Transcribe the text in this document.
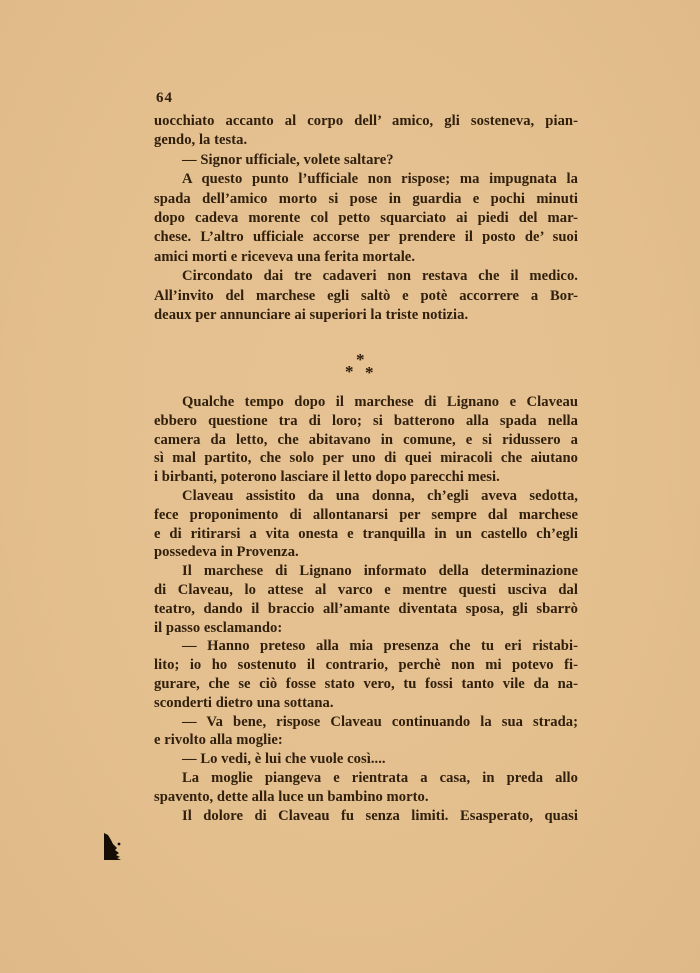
64
uocchiato accanto al corpo dell’ amico, gli sosteneva, pian-
gendo, la testa.
— Signor ufficiale, volete saltare?
A questo punto l’ufficiale non rispose; ma impugnata la
spada dell’amico morto si pose in guardia e pochi minuti
dopo cadeva morente col petto squarciato ai piedi del mar-
chese. L’altro ufficiale accorse per prendere il posto de’ suoi
amici morti e riceveva una ferita mortale.
Circondato dai tre cadaveri non restava che il medico.
All’invito del marchese egli saltò e potè accorrere a Bor-
deaux per annunciare ai superiori la triste notizia.
*
* *
Qualche tempo dopo il marchese di Lignano e Claveau
ebbero questione tra di loro; si batterono alla spada nella
camera da letto, che abitavano in comune, e si ridussero a
sì mal partito, che solo per uno di quei miracoli che aiutano
i birbanti, poterono lasciare il letto dopo parecchi mesi.
Claveau assistito da una donna, ch’egli aveva sedotta,
fece proponimento di allontanarsi per sempre dal marchese
e di ritirarsi a vita onesta e tranquilla in un castello ch’egli
possedeva in Provenza.
Il marchese di Lignano informato della determinazione
di Claveau, lo attese al varco e mentre questi usciva dal
teatro, dando il braccio all’amante diventata sposa, gli sbarrò
il passo esclamando:
— Hanno preteso alla mia presenza che tu eri ristabi-
lito; io ho sostenuto il contrario, perchè non mi potevo fi-
gurare, che se ciò fosse stato vero, tu fossi tanto vile da na-
sconderti dietro una sottana.
— Va bene, rispose Claveau continuando la sua strada;
e rivolto alla moglie:
— Lo vedi, è lui che vuole così....
La moglie piangeva e rientrata a casa, in preda allo
spavento, dette alla luce un bambino morto.
Il dolore di Claveau fu senza limiti. Esasperato, quasi
